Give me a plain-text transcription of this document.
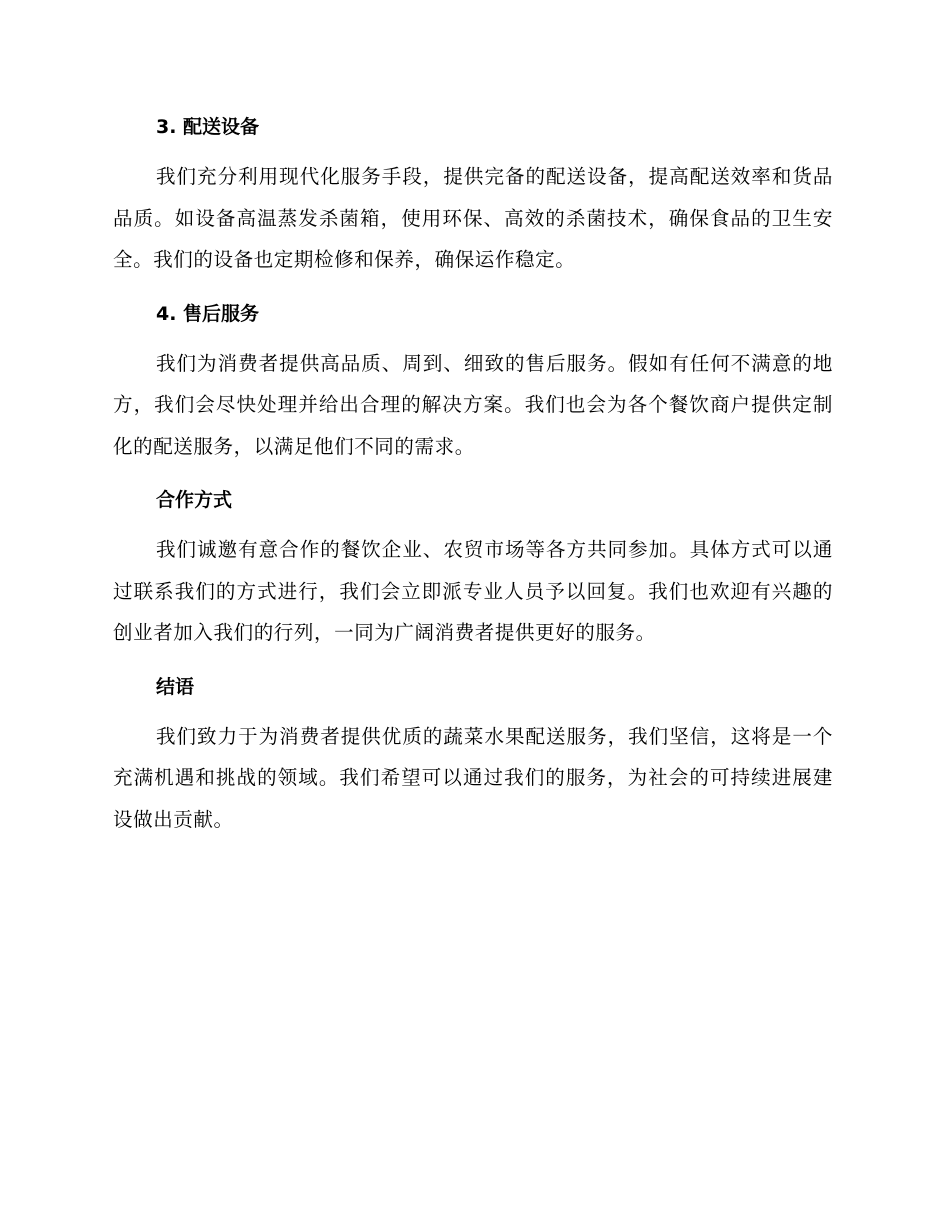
3. 配送设备

我们充分利用现代化服务手段，提供完备的配送设备，提高配送效率和货品品质。如设备高温蒸发杀菌箱，使用环保、高效的杀菌技术，确保食品的卫生安全。我们的设备也定期检修和保养，确保运作稳定。

4. 售后服务

我们为消费者提供高品质、周到、细致的售后服务。假如有任何不满意的地方，我们会尽快处理并给出合理的解决方案。我们也会为各个餐饮商户提供定制化的配送服务，以满足他们不同的需求。

合作方式

我们诚邀有意合作的餐饮企业、农贸市场等各方共同参加。具体方式可以通过联系我们的方式进行，我们会立即派专业人员予以回复。我们也欢迎有兴趣的创业者加入我们的行列，一同为广阔消费者提供更好的服务。

结语

我们致力于为消费者提供优质的蔬菜水果配送服务，我们坚信，这将是一个充满机遇和挑战的领域。我们希望可以通过我们的服务，为社会的可持续进展建设做出贡献。
